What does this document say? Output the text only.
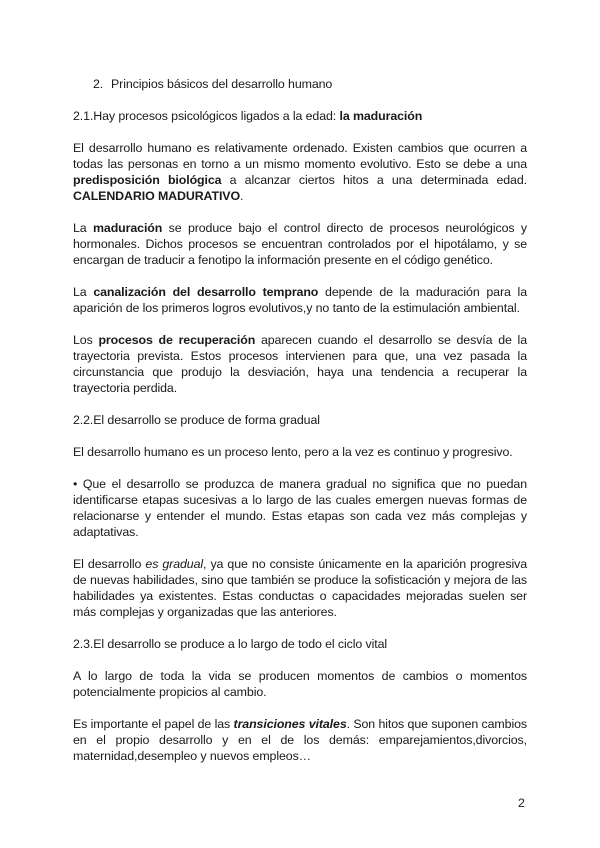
2. Principios básicos del desarrollo humano
2.1.Hay procesos psicológicos ligados a la edad: la maduración
El desarrollo humano es relativamente ordenado. Existen cambios que ocurren a
todas las personas en torno a un mismo momento evolutivo. Esto se debe a una
predisposición biológica a alcanzar ciertos hitos a una determinada edad.
CALENDARIO MADURATIVO.
La maduración se produce bajo el control directo de procesos neurológicos y
hormonales. Dichos procesos se encuentran controlados por el hipotálamo, y se
encargan de traducir a fenotipo la información presente en el código genético.
La canalización del desarrollo temprano depende de la maduración para la
aparición de los primeros logros evolutivos,y no tanto de la estimulación ambiental.
Los procesos de recuperación aparecen cuando el desarrollo se desvía de la
trayectoria prevista. Estos procesos intervienen para que, una vez pasada la
circunstancia que produjo la desviación, haya una tendencia a recuperar la
trayectoria perdida.
2.2.El desarrollo se produce de forma gradual
El desarrollo humano es un proceso lento, pero a la vez es continuo y progresivo.
• Que el desarrollo se produzca de manera gradual no significa que no puedan
identificarse etapas sucesivas a lo largo de las cuales emergen nuevas formas de
relacionarse y entender el mundo. Estas etapas son cada vez más complejas y
adaptativas.
El desarrollo es gradual, ya que no consiste únicamente en la aparición progresiva
de nuevas habilidades, sino que también se produce la sofisticación y mejora de las
habilidades ya existentes. Estas conductas o capacidades mejoradas suelen ser
más complejas y organizadas que las anteriores.
2.3.El desarrollo se produce a lo largo de todo el ciclo vital
A lo largo de toda la vida se producen momentos de cambios o momentos
potencialmente propicios al cambio.
Es importante el papel de las transiciones vitales. Son hitos que suponen cambios
en el propio desarrollo y en el de los demás: emparejamientos,divorcios,
maternidad,desempleo y nuevos empleos…
2
